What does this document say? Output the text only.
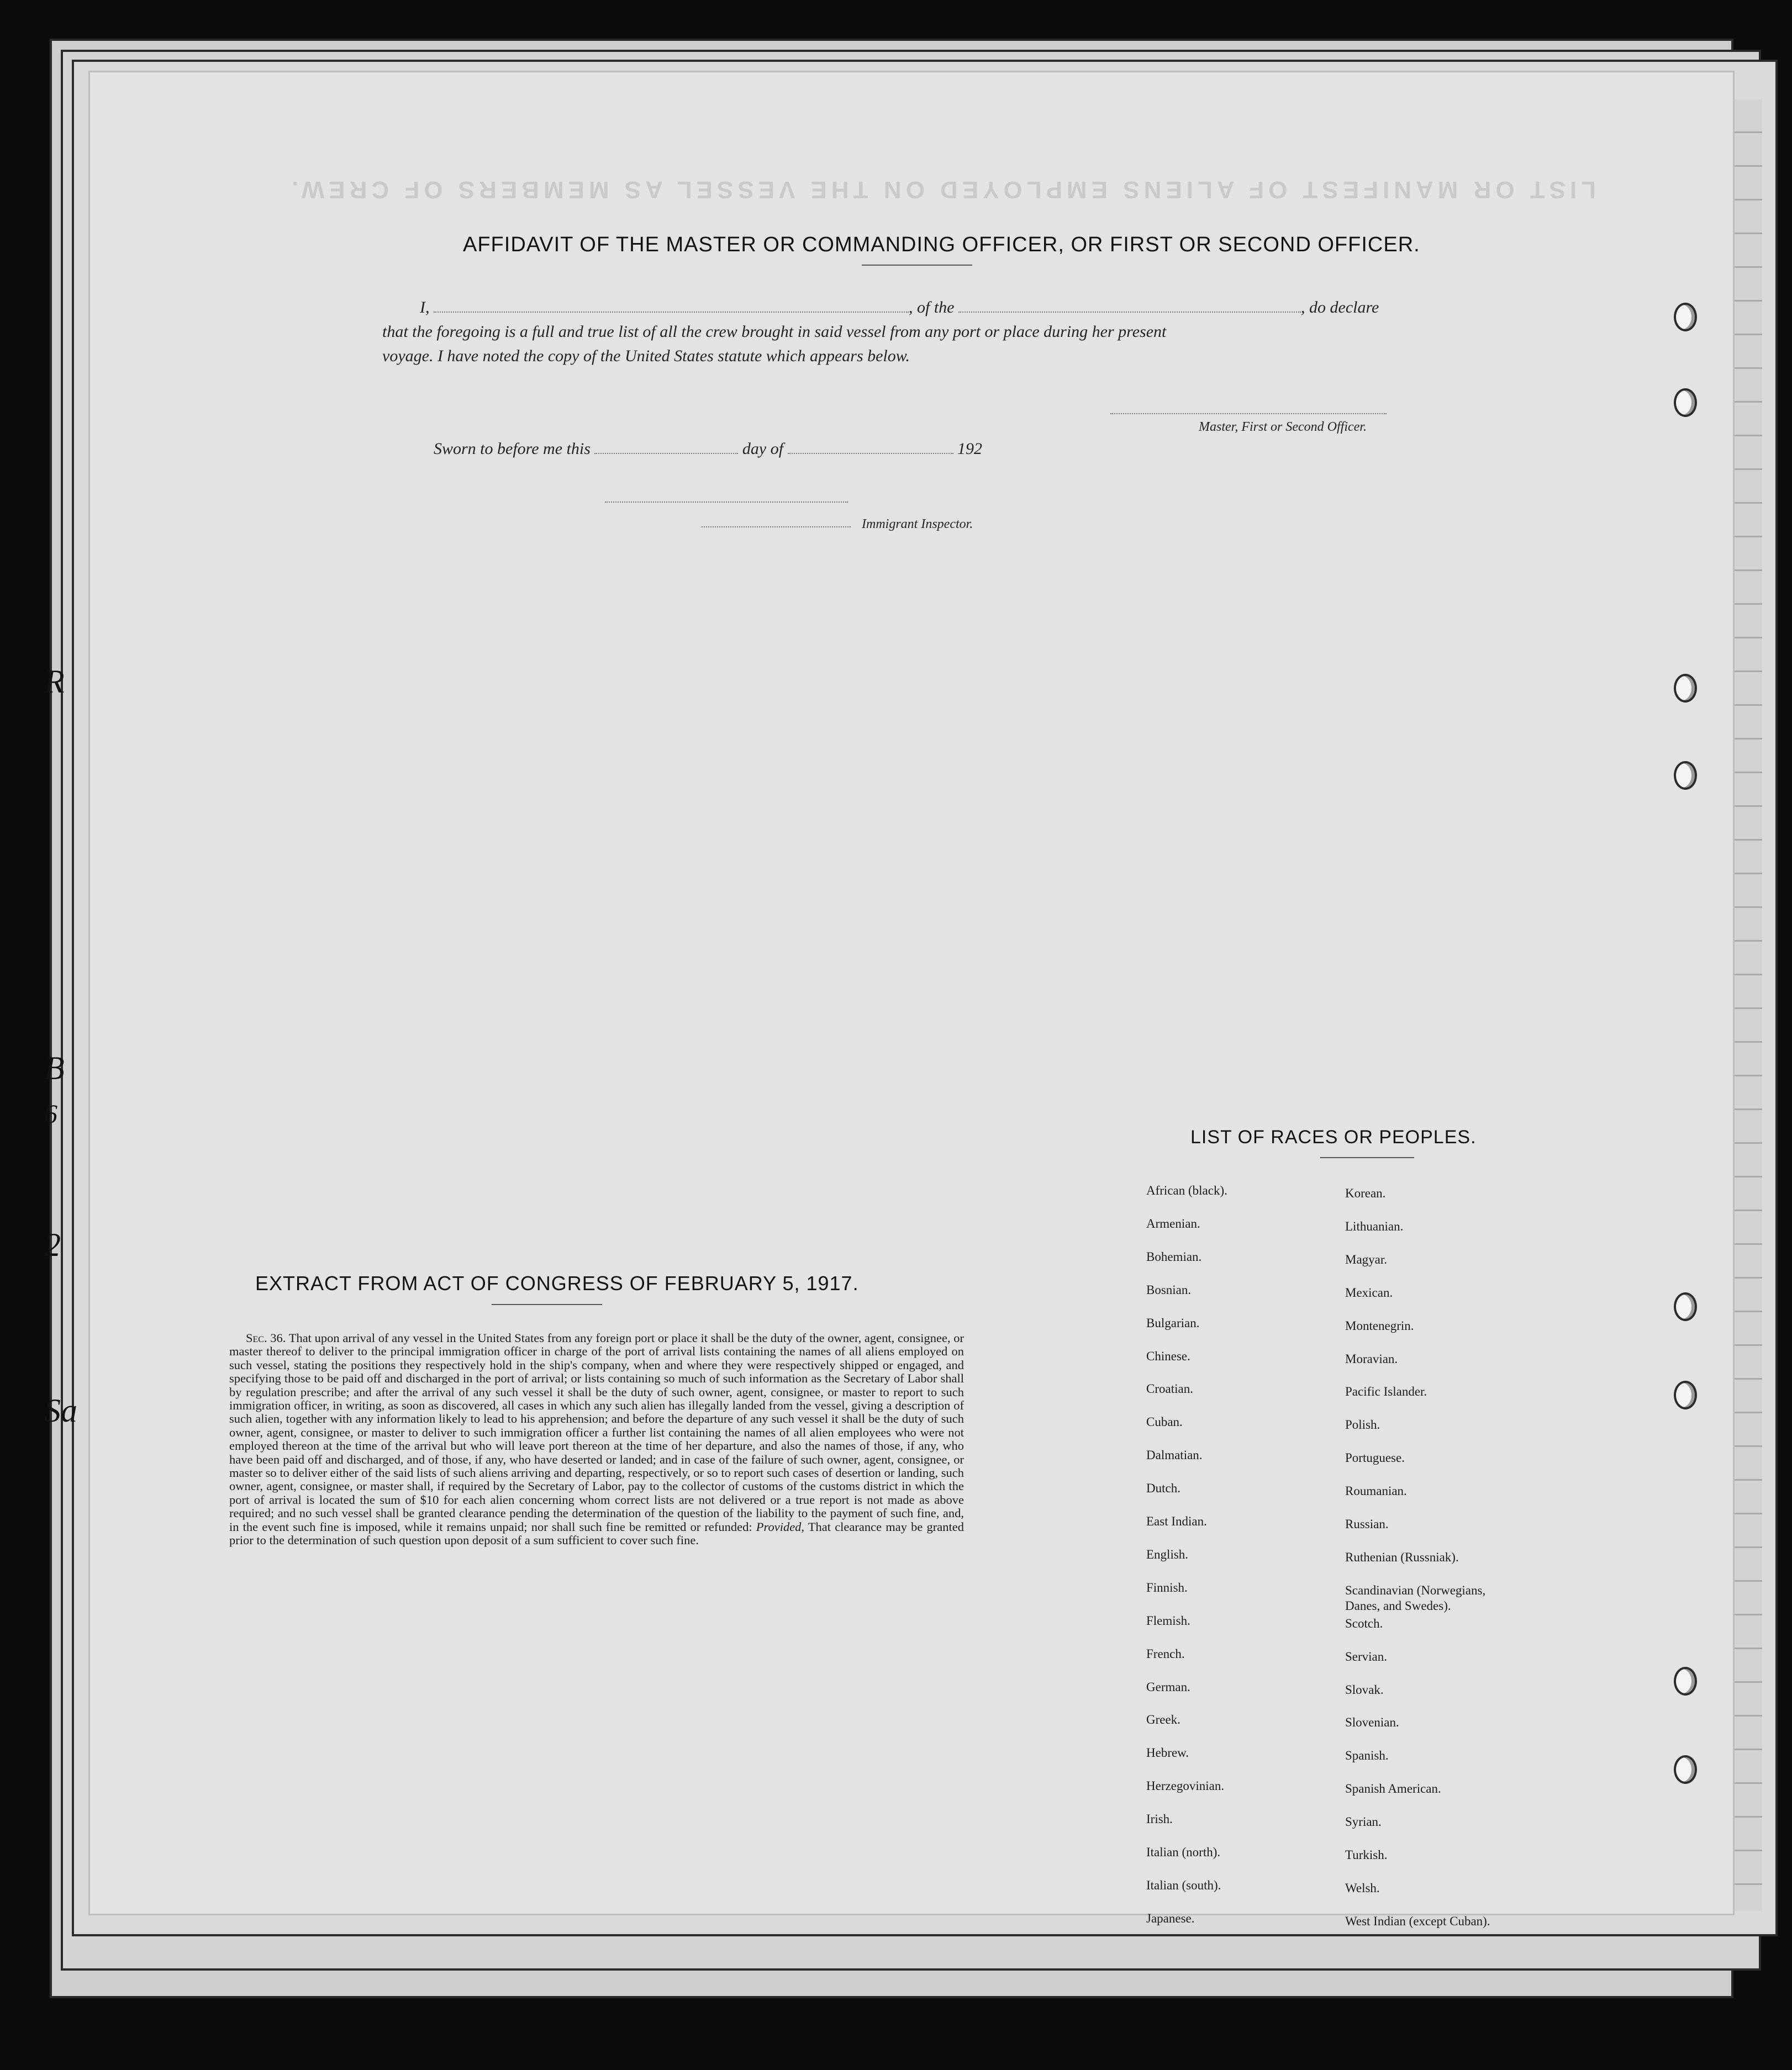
R
B
6
2
Sa
LIST OR MANIFEST OF ALIENS EMPLOYED ON THE VESSEL AS MEMBERS OF CREW.
AFFIDAVIT OF THE MASTER OR COMMANDING OFFICER, OR FIRST OR SECOND OFFICER.
I,	, of the	, do declare
that the foregoing is a full and true list of all the crew brought in said vessel from any port or place during her present
voyage. I have noted the copy of the United States statute which appears below.
Master, First or Second Officer.
Sworn to before me this	day of	192
Immigrant Inspector.
EXTRACT FROM ACT OF CONGRESS OF FEBRUARY 5, 1917.
Sec. 36. That upon arrival of any vessel in the United States from any foreign port or place it shall be the duty of the owner, agent, consignee, or master thereof to deliver to the principal immigration officer in charge of the port of arrival lists containing the names of all aliens employed on such vessel, stating the positions they respectively hold in the ship's company, when and where they were respectively shipped or engaged, and specifying those to be paid off and discharged in the port of arrival; or lists containing so much of such information as the Secretary of Labor shall by regulation prescribe; and after the arrival of any such vessel it shall be the duty of such owner, agent, consignee, or master to report to such immigration officer, in writing, as soon as discovered, all cases in which any such alien has illegally landed from the vessel, giving a description of such alien, together with any information likely to lead to his apprehension; and before the departure of any such vessel it shall be the duty of such owner, agent, consignee, or master to deliver to such immigration officer a further list containing the names of all alien employees who were not employed thereon at the time of the arrival but who will leave port thereon at the time of her departure, and also the names of those, if any, who have been paid off and discharged, and of those, if any, who have deserted or landed; and in case of the failure of such owner, agent, consignee, or master so to deliver either of the said lists of such aliens arriving and departing, respectively, or so to report such cases of desertion or landing, such owner, agent, consignee, or master shall, if required by the Secretary of Labor, pay to the collector of customs of the customs district in which the port of arrival is located the sum of $10 for each alien concerning whom correct lists are not delivered or a true report is not made as above required; and no such vessel shall be granted clearance pending the determination of the question of the liability to the payment of such fine, and, in the event such fine is imposed, while it remains unpaid; nor shall such fine be remitted or refunded: Provided, That clearance may be granted prior to the determination of such question upon deposit of a sum sufficient to cover such fine.
LIST OF RACES OR PEOPLES.
African (black).
Armenian.
Bohemian.
Bosnian.
Bulgarian.
Chinese.
Croatian.
Cuban.
Dalmatian.
Dutch.
East Indian.
English.
Finnish.
Flemish.
French.
German.
Greek.
Hebrew.
Herzegovinian.
Irish.
Italian (north).
Italian (south).
Japanese.
Korean.
Lithuanian.
Magyar.
Mexican.
Montenegrin.
Moravian.
Pacific Islander.
Polish.
Portuguese.
Roumanian.
Russian.
Ruthenian (Russniak).
Scandinavian (Norwegians,
Danes, and Swedes).
Scotch.
Servian.
Slovak.
Slovenian.
Spanish.
Spanish American.
Syrian.
Turkish.
Welsh.
West Indian (except Cuban).
